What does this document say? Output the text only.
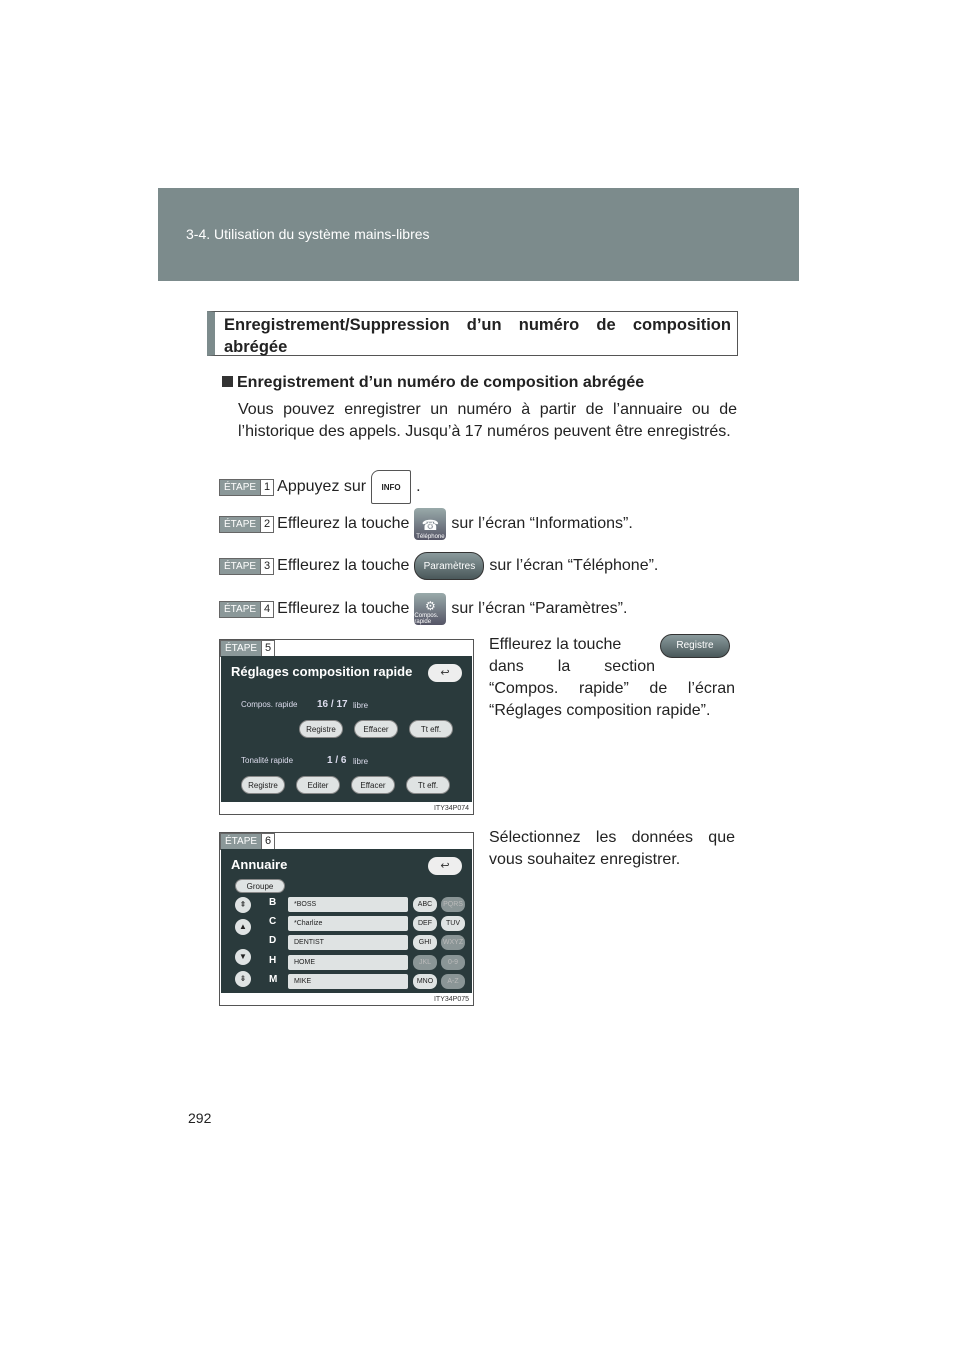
3-4. Utilisation du système mains-libres
Enregistrement/Suppression d’un numéro de composition
abrégée
Enregistrement d’un numéro de composition abrégée
Vous pouvez enregistrer un numéro à partir de l’annuaire ou de l’historique des appels. Jusqu’à 17 numéros peuvent être enregistrés.
ÉTAPE 1 Appuyez sur	INFO .
ÉTAPE 2 Effleurez la touche ☎
Téléphone
sur l’écran “Informations”.
ÉTAPE 3 Effleurez la touche	Paramètres sur l’écran “Téléphone”.
ÉTAPE 4 Effleurez la touche ⚙
Compos. rapide
sur l’écran “Paramètres”.
ÉTAPE 5
Réglages composition rapide	↩
Compos. rapide 16 / 17 libre
Registre	Effacer	Tt eff.
Tonalité rapide	1 / 6 libre
Registre	Editer	Effacer	Tt eff.
ITY34P074
Effleurez la touche	Registre

dans la section “Compos. rapide” de l’écran “Réglages composition rapide”.
ÉTAPE 6
Annuaire	↩
Groupe
⇞
▲
▼
⇟
B
C
D
H
M
*BOSS
*Charlize
DENTIST
HOME
MIKE
ABC
DEF
GHI
JKL
MNO
PQRS
TUV
WXYZ
0-9
A-Z
ITY34P075
Sélectionnez les données que vous souhaitez enregistrer.
292
